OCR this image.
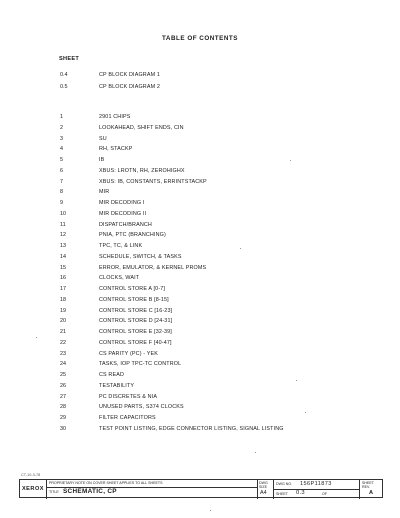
TABLE OF CONTENTS
SHEET
0.4	CP BLOCK DIAGRAM 1
0.5	CP BLOCK DIAGRAM 2
1	2901 CHIPS
2	LOOKAHEAD, SHIFT ENDS, CIN
3	SU
4	RH, STACKP
5	IB
6	XBUS: LROTN, RH, ZEROHIGHX
7	XBUS: IB, CONSTANTS, ERRINTSTACKP
8	MIR
9	MIR DECODING I
10	MIR DECODING II
11	DISPATCH/BRANCH
12	PNIA, PTC (BRANCHING)
13	TPC, TC, & LINK
14	SCHEDULE, SWITCH, & TASKS
15	ERROR, EMULATOR, & KERNEL PROMS
16	CLOCKS, WAIT
17	CONTROL STORE A [0-7]
18	CONTROL STORE B [8-15]
19	CONTROL STORE C [16-23]
20	CONTROL STORE D [24-31]
21	CONTROL STORE E [32-39]
22	CONTROL STORE F [40-47]
23	CS PARITY (PC) - YEK
24	TASKS, IOP TPC-TC CONTROL
25	CS READ
26	TESTABILITY
27	PC DISCRETES & NIA
28	UNUSED PARTS, S374 CLOCKS
29	FILTER CAPACITORS
30	TEST POINT LISTING, EDGE CONNECTOR LISTING, SIGNAL LISTING
CT-10-3-78
XEROX
PROPRIETARY NOTE ON COVER SHEET APPLIES TO ALL SHEETS
TITLE SCHEMATIC, CP
DWG
SIZE
A4
DWG NO. 156P11873
SHEET 0.3	OF
SHEET
REV.
A
